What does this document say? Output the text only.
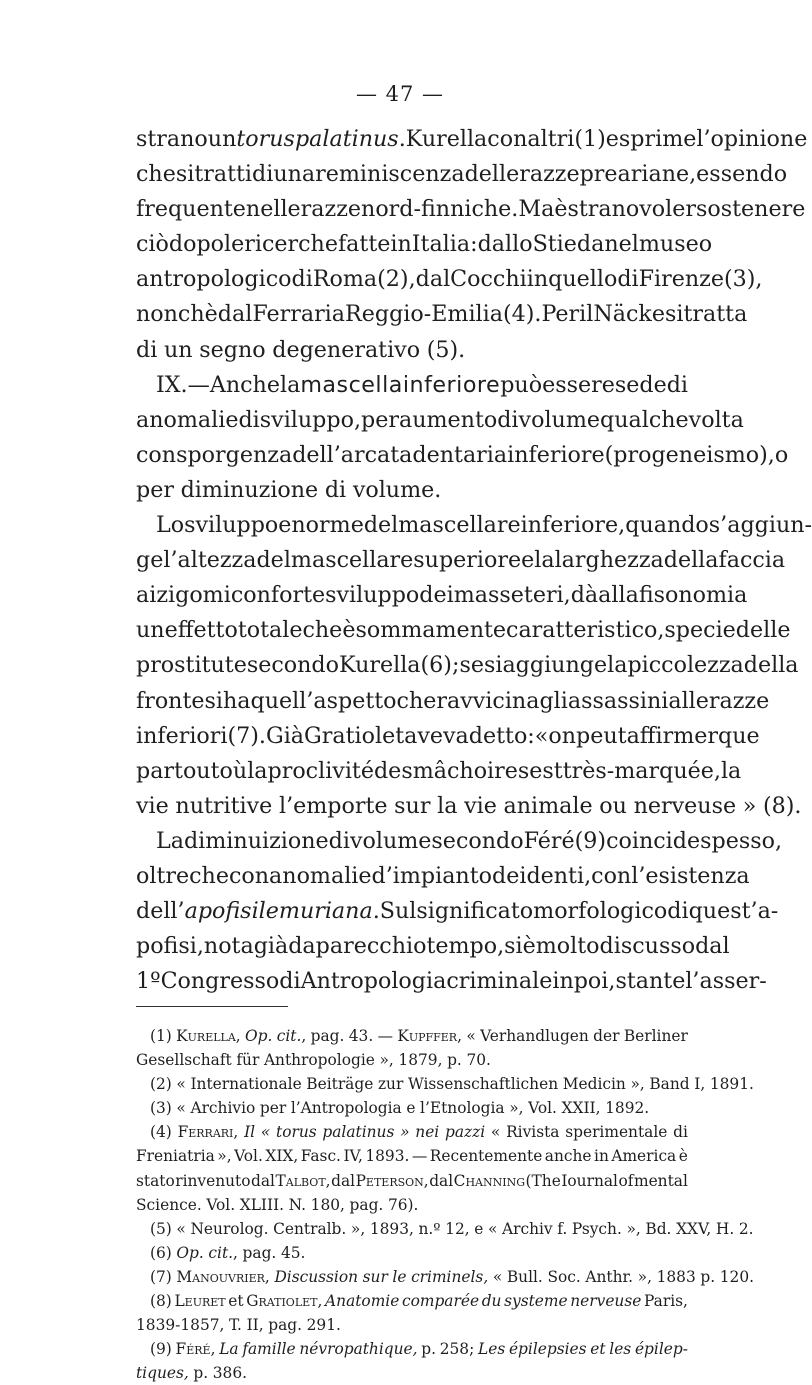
— 47 —
strano un torus palatinus. Kurella con altri (1) esprime l’opinione
che si tratti di una reminiscenza delle razze preariane, essendo
frequente nelle razze nord-finniche. Ma è strano voler sostenere
ciò dopo le ricerche fatte in Italia: dallo Stieda nel museo
antropologico di Roma (2), dal Cocchi in quello di Firenze (3),
nonchè dal Ferrari a Reggio-Emilia (4). Per il Näcke si tratta
di un segno degenerativo (5).
IX. — Anche la mascella inferiore può essere sede di
anomalie di sviluppo, per aumento di volume qualche volta
con sporgenza dell’arcata dentaria inferiore (progeneismo), o
per diminuzione di volume.
Lo sviluppo enorme del mascellare inferiore, quando s’aggiun-
ge l’altezza del mascellare superiore e la larghezza della faccia
ai zigomi con forte sviluppo dei masseteri, dà alla fisonomia
un effetto totale che è sommamente caratteristico, specie delle
prostitute secondo Kurella (6); se si aggiunge la piccolezza della
fronte si ha quell’aspetto che ravvicina gli assassini alle razze
inferiori (7). Già Gratiolet aveva detto: « on peut affirmer que
partout où la proclivité des mâchoires est très-marquée, la
vie nutritive l’emporte sur la vie animale ou nerveuse » (8).
La diminuizione di volume secondo Féré (9) coincide spesso,
oltre che con anomalie d’impianto dei denti, con l’esistenza
dell’apofisi lemuriana. Sul significato morfologico di quest’a-
pofisi, nota già da parecchio tempo, si è molto discusso dal
1º Congresso di Antropologia criminale in poi, stante l’asser-
(1) Kurella, Op. cit., pag. 43. — Kupffer, « Verhandlugen der Berliner
Gesellschaft für Anthropologie », 1879, p. 70.
(2) « Internationale Beiträge zur Wissenschaftlichen Medicin », Band I, 1891.
(3) « Archivio per l’Antropologia e l’Etnologia », Vol. XXII, 1892.
(4) Ferrari, Il « torus palatinus » nei pazzi « Rivista sperimentale di
Freniatria », Vol. XIX, Fasc. IV, 1893. — Recentemente anche in America è
stato rinvenuto dal Talbot, dal Peterson, dal Channing (The Iournal of mental
Science. Vol. XLIII. N. 180, pag. 76).
(5) « Neurolog. Centralb. », 1893, n.º 12, e « Archiv f. Psych. », Bd. XXV, H. 2.
(6) Op. cit., pag. 45.
(7) Manouvrier, Discussion sur le criminels, « Bull. Soc. Anthr. », 1883 p. 120.
(8) Leuret et Gratiolet, Anatomie comparée du systeme nerveuse Paris,
1839-1857, T. II, pag. 291.
(9) Féré, La famille névropathique, p. 258; Les épilepsies et les épilep-
tiques, p. 386.
